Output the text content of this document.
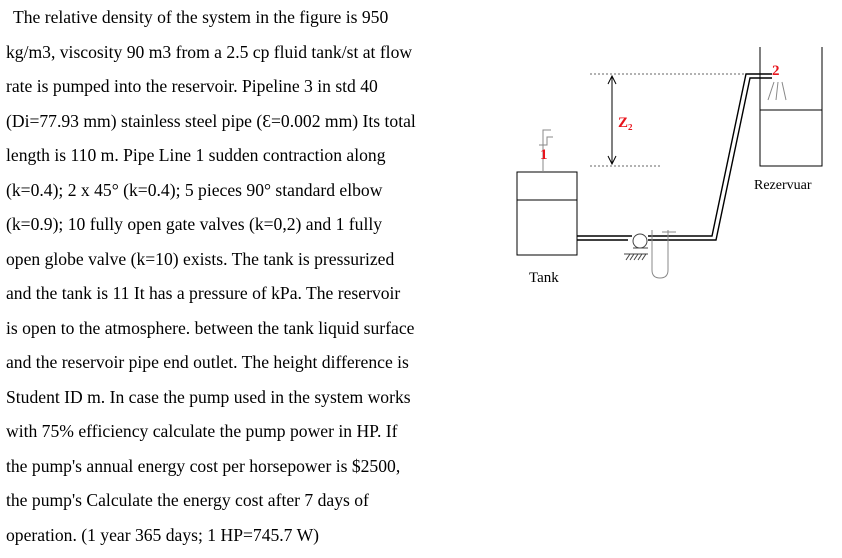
The relative density of the system in the figure is 950
kg/m3, viscosity 90 m3 from a 2.5 cp fluid tank/st at flow
rate is pumped into the reservoir. Pipeline 3 in std 40
(Di=77.93 mm) stainless steel pipe (Ɛ=0.002 mm) Its total
length is 110 m. Pipe Line 1 sudden contraction along
(k=0.4); 2 x 45° (k=0.4); 5 pieces 90° standard elbow
(k=0.9); 10 fully open gate valves (k=0,2) and 1 fully
open globe valve (k=10) exists. The tank is pressurized
and the tank is 11 It has a pressure of kPa. The reservoir
is open to the atmosphere. between the tank liquid surface
and the reservoir pipe end outlet. The height difference is
Student ID m. In case the pump used in the system works
with 75% efficiency calculate the pump power in HP. If
the pump's annual energy cost per horsepower is $2500,
the pump's Calculate the energy cost after 7 days of
operation. (1 year 365 days; 1 HP=745.7 W)
1
Tank
2
Rezervuar
Z₂
